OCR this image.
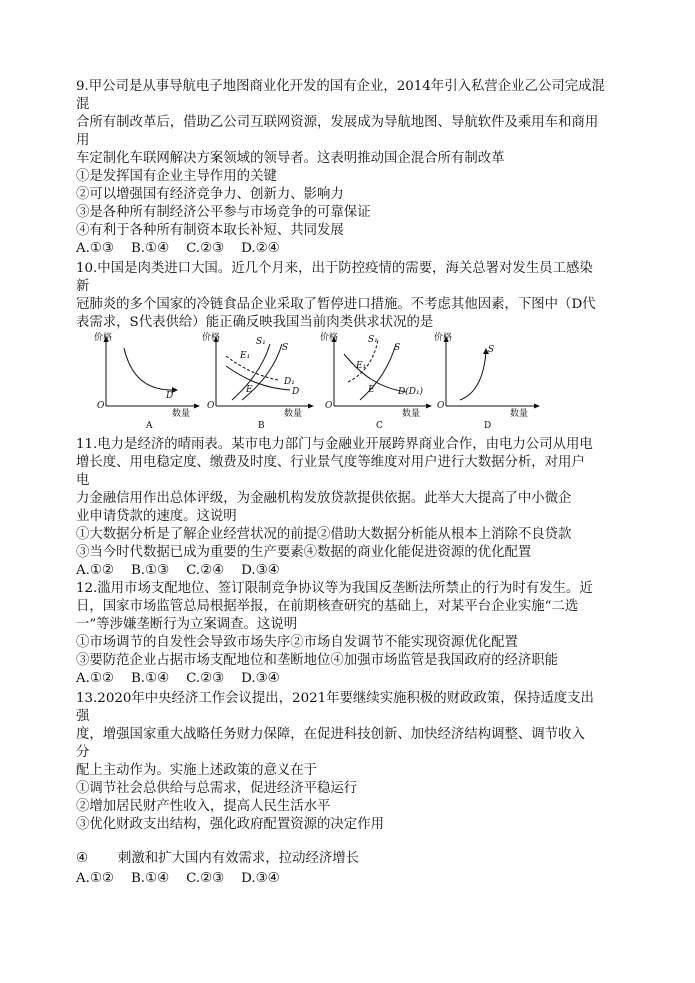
9.甲公司是从事导航电子地图商业化开发的国有企业，2014年引入私营企业乙公司完成混
混
合所有制改革后，借助乙公司互联网资源，发展成为导航地图、导航软件及乘用车和商用
用
车定制化车联网解决方案领域的领导者。这表明推动国企混合所有制改革
①是发挥国有企业主导作用的关键
②可以增强国有经济竞争力、创新力、影响力
③是各种所有制经济公平参与市场竞争的可靠保证
④有利于各种所有制资本取长补短、共同发展
A.①③    B.①④    C.②③    D.②④
10.中国是肉类进口大国。近几个月来，出于防控疫情的需要，海关总署对发生员工感染
新
冠肺炎的多个国家的冷链食品企业采取了暂停进口措施。不考虑其他因素，下图中（D代
表需求，S代表供给）能正确反映我国当前肉类供求状况的是
价格
O
数量
D
A
价格
O
数量
S₁
S
E₁
E
D₁
D
B
价格
O
数量
S₁
S
E₁
E	D(D₁)
C
价格
O
数量
S
D
11.电力是经济的晴雨表。某市电力部门与金融业开展跨界商业合作，由电力公司从用电
增长度、用电稳定度、缴费及时度、行业景气度等维度对用户进行大数据分析，对用户
电
力金融信用作出总体评级，为金融机构发放贷款提供依据。此举大大提高了中小微企
业申请贷款的速度。这说明
①大数据分析是了解企业经营状况的前提②借助大数据分析能从根本上消除不良贷款
③当今时代数据已成为重要的生产要素④数据的商业化能促进资源的优化配置
A.①②    B.①③    C.②④    D.③④
12.滥用市场支配地位、签订限制竞争协议等为我国反垄断法所禁止的行为时有发生。近
日，国家市场监管总局根据举报，在前期核查研究的基础上，对某平台企业实施“二选
一”等涉嫌垄断行为立案调查。这说明
①市场调节的自发性会导致市场失序②市场自发调节不能实现资源优化配置
③要防范企业占据市场支配地位和垄断地位④加强市场监管是我国政府的经济职能
A.①②    B.①④    C.②③    D.③④
13.2020年中央经济工作会议提出，2021年要继续实施积极的财政政策，保持适度支出
强
度，增强国家重大战略任务财力保障，在促进科技创新、加快经济结构调整、调节收入
分
配上主动作为。实施上述政策的意义在于
①调节社会总供给与总需求，促进经济平稳运行
②增加居民财产性收入，提高人民生活水平
③优化财政支出结构，强化政府配置资源的决定作用
④ 刺激和扩大国内有效需求，拉动经济增长
A.①②    B.①④    C.②③    D.③④
